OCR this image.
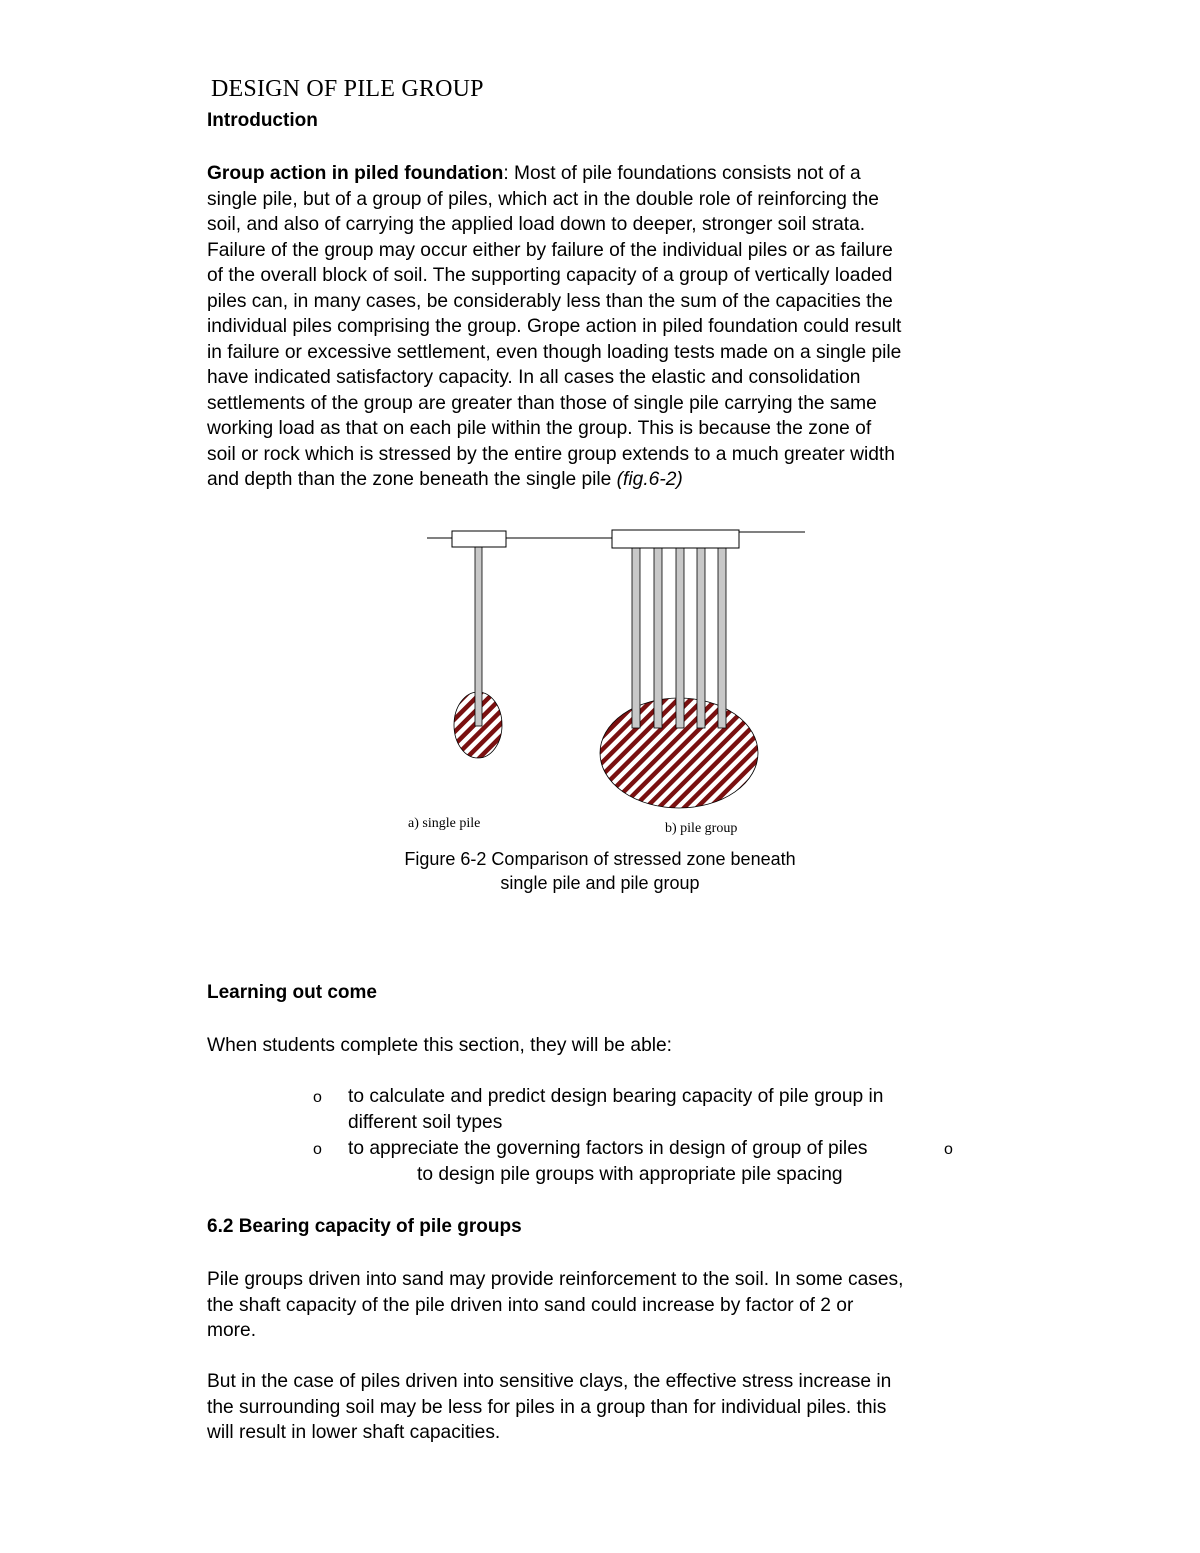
DESIGN OF PILE GROUP
Introduction
Group action in piled foundation: Most of pile foundations consists not of a
single pile, but of a group of piles, which act in the double role of reinforcing the
soil, and also of carrying the applied load down to deeper, stronger soil strata.
Failure of the group may occur either by failure of the individual piles or as failure
of the overall block of soil. The supporting capacity of a group of vertically loaded
piles can, in many cases, be considerably less than the sum of the capacities the
individual piles comprising the group. Grope action in piled foundation could result
in failure or excessive settlement, even though loading tests made on a single pile
have indicated satisfactory capacity. In all cases the elastic and consolidation
settlements of the group are greater than those of single pile carrying the same
working load as that on each pile within the group. This is because the zone of
soil or rock which is stressed by the entire group extends to a much greater width
and depth than the zone beneath the single pile (fig.6-2)
a) single pile	b) pile group
Figure 6-2 Comparison of stressed zone beneath
single pile and pile group
Learning out come
When students complete this section, they will be able:
o to calculate and predict design bearing capacity of pile group in
different soil types
o to appreciate the governing factors in design of group of piles	o
to design pile groups with appropriate pile spacing
6.2 Bearing capacity of pile groups
Pile groups driven into sand may provide reinforcement to the soil. In some cases,
the shaft capacity of the pile driven into sand could increase by factor of 2 or
more.
But in the case of piles driven into sensitive clays, the effective stress increase in
the surrounding soil may be less for piles in a group than for individual piles. this
will result in lower shaft capacities.
